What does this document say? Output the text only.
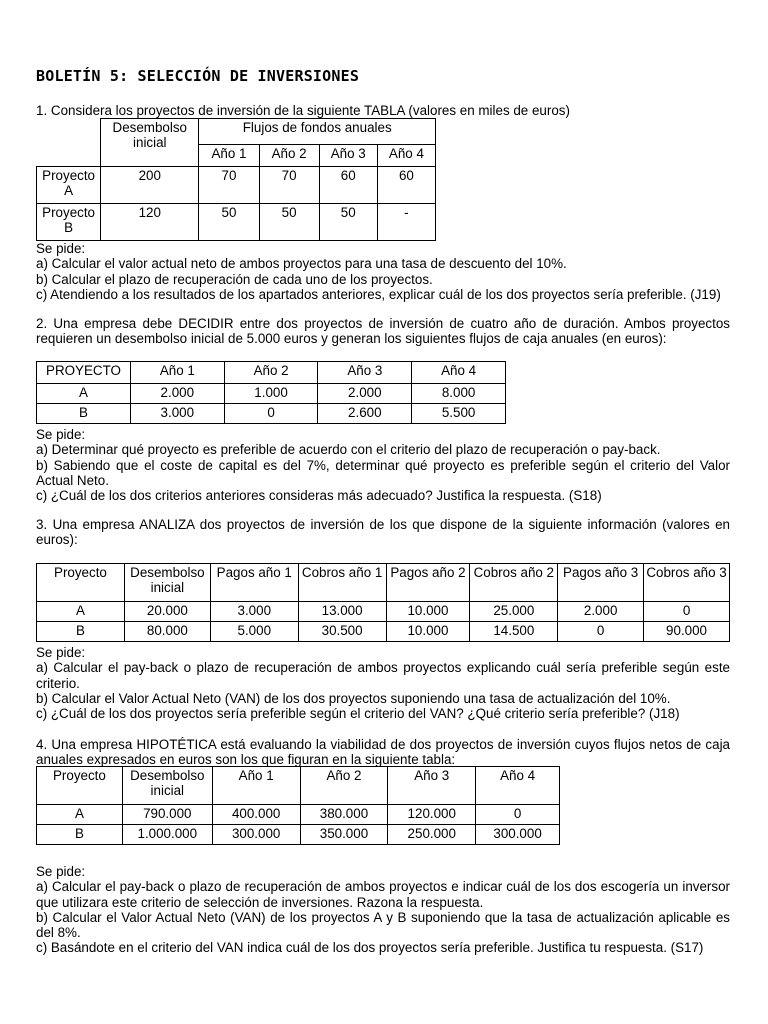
BOLETÍN 5: SELECCIÓN DE INVERSIONES

1. Considera los proyectos de inversión de la siguiente TABLA (valores en miles de euros)

	Desembolso inicial	Flujos de fondos anuales			
		Año 1	Año 2	Año 3	Año 4
Proyecto A	200	70	70	60	60
Proyecto B	120	50	50	50	-

Se pide:

a) Calcular el valor actual neto de ambos proyectos para una tasa de descuento del 10%.

b) Calcular el plazo de recuperación de cada uno de los proyectos.

c) Atendiendo a los resultados de los apartados anteriores, explicar cuál de los dos proyectos sería preferible. (J19)

2. Una empresa debe DECIDIR entre dos proyectos de inversión de cuatro año de duración. Ambos proyectos requieren un desembolso inicial de 5.000 euros y generan los siguientes flujos de caja anuales (en euros):

PROYECTO	Año 1	Año 2	Año 3	Año 4
A	2.000	1.000	2.000	8.000
B	3.000	0	2.600	5.500

Se pide:

a) Determinar qué proyecto es preferible de acuerdo con el criterio del plazo de recuperación o pay-back.

b) Sabiendo que el coste de capital es del 7%, determinar qué proyecto es preferible según el criterio del Valor Actual Neto.

c) ¿Cuál de los dos criterios anteriores consideras más adecuado? Justifica la respuesta. (S18)

3. Una empresa ANALIZA dos proyectos de inversión de los que dispone de la siguiente información (valores en euros):

Proyecto	Desembolso inicial	Pagos año 1	Cobros año 1	Pagos año 2	Cobros año 2	Pagos año 3	Cobros año 3
A	20.000	3.000	13.000	10.000	25.000	2.000	0
B	80.000	5.000	30.500	10.000	14.500	0	90.000

Se pide:

a) Calcular el pay-back o plazo de recuperación de ambos proyectos explicando cuál sería preferible según este criterio.

b) Calcular el Valor Actual Neto (VAN) de los dos proyectos suponiendo una tasa de actualización del 10%.

c) ¿Cuál de los dos proyectos sería preferible según el criterio del VAN? ¿Qué criterio sería preferible? (J18)

4. Una empresa HIPOTÉTICA está evaluando la viabilidad de dos proyectos de inversión cuyos flujos netos de caja anuales expresados en euros son los que figuran en la siguiente tabla:

Proyecto	Desembolso inicial	Año 1	Año 2	Año 3	Año 4
A	790.000	400.000	380.000	120.000	0
B	1.000.000	300.000	350.000	250.000	300.000

Se pide:

a) Calcular el pay-back o plazo de recuperación de ambos proyectos e indicar cuál de los dos escogería un inversor que utilizara este criterio de selección de inversiones. Razona la respuesta.

b) Calcular el Valor Actual Neto (VAN) de los proyectos A y B suponiendo que la tasa de actualización aplicable es del 8%.

c) Basándote en el criterio del VAN indica cuál de los dos proyectos sería preferible. Justifica tu respuesta. (S17)
